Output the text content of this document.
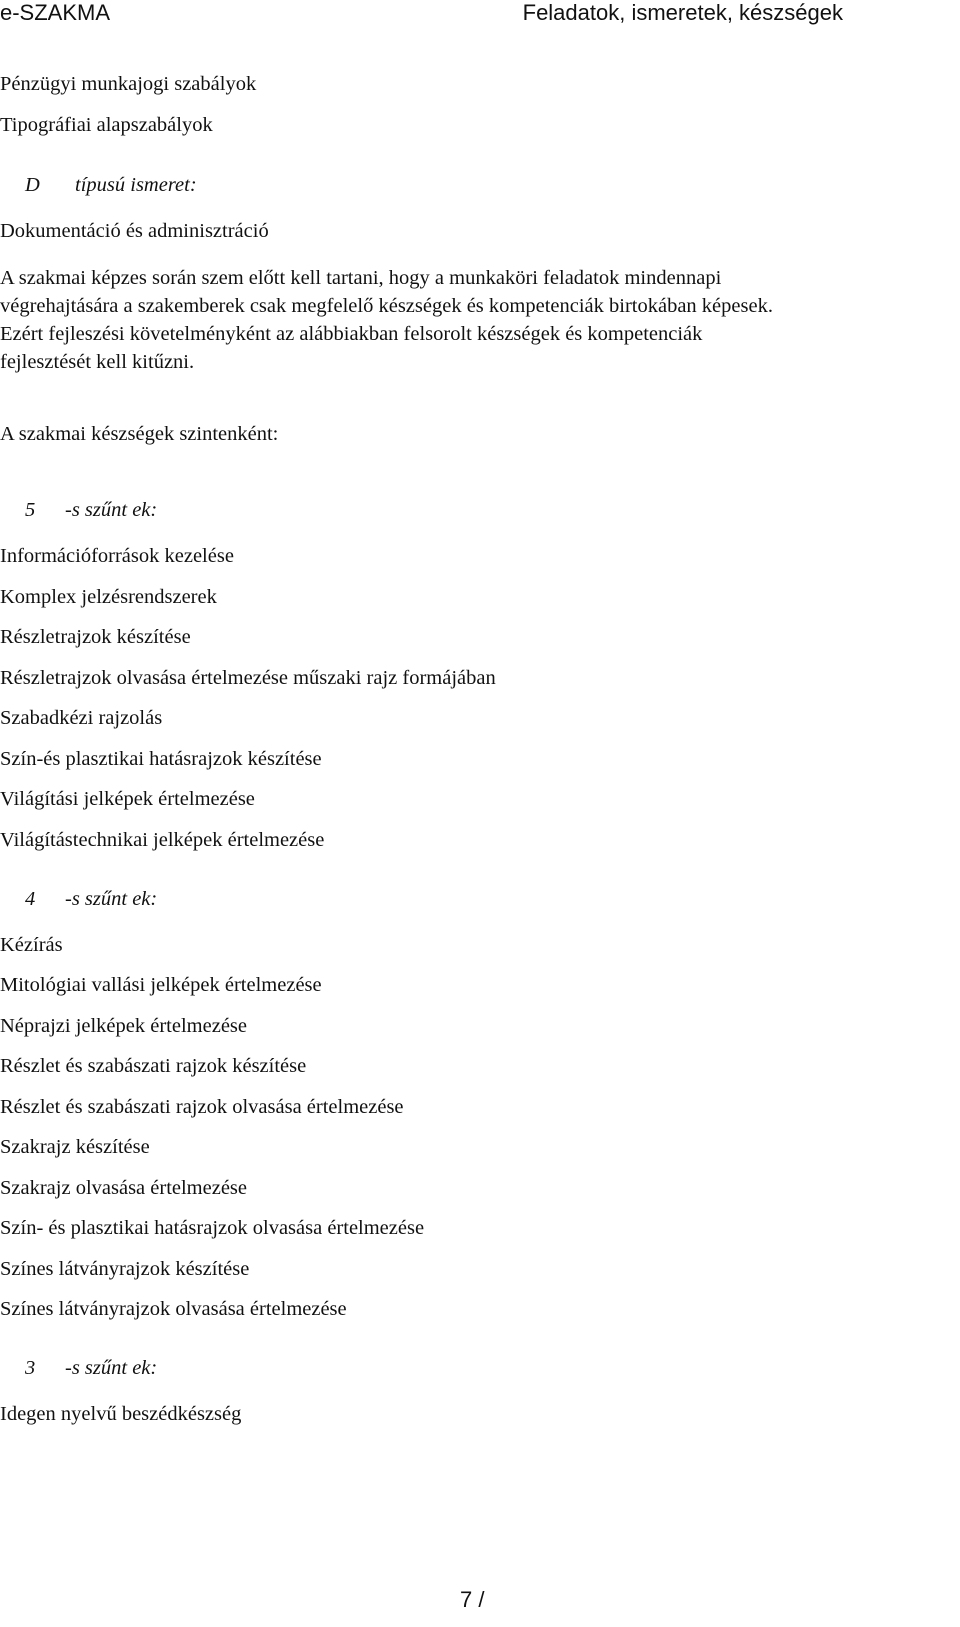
e-SZAKMA	Feladatok, ismeretek, készségek
Pénzügyi munkajogi szabályok
Tipográfiai alapszabályok
D típusú ismeret:
Dokumentáció és adminisztráció
A szakmai képzes során szem előtt kell tartani, hogy a munkaköri feladatok mindennapi
végrehajtására a szakemberek csak megfelelő készségek és kompetenciák birtokában képesek.
Ezért fejleszési követelményként az alábbiakban felsorolt készségek és kompetenciák
fejlesztését kell kitűzni.
A szakmai készségek szintenként:
5 -s szűnt ek:
Információforrások kezelése
Komplex jelzésrendszerek
Részletrajzok készítése
Részletrajzok olvasása értelmezése műszaki rajz formájában
Szabadkézi rajzolás
Szín-és plasztikai hatásrajzok készítése
Világítási jelképek értelmezése
Világítástechnikai jelképek értelmezése
4 -s szűnt ek:
Kézírás
Mitológiai vallási jelképek értelmezése
Néprajzi jelképek értelmezése
Részlet és szabászati rajzok készítése
Részlet és szabászati rajzok olvasása értelmezése
Szakrajz készítése
Szakrajz olvasása értelmezése
Szín- és plasztikai hatásrajzok olvasása értelmezése
Színes látványrajzok készítése
Színes látványrajzok olvasása értelmezése
3 -s szűnt ek:
Idegen nyelvű beszédkészség
7 /
